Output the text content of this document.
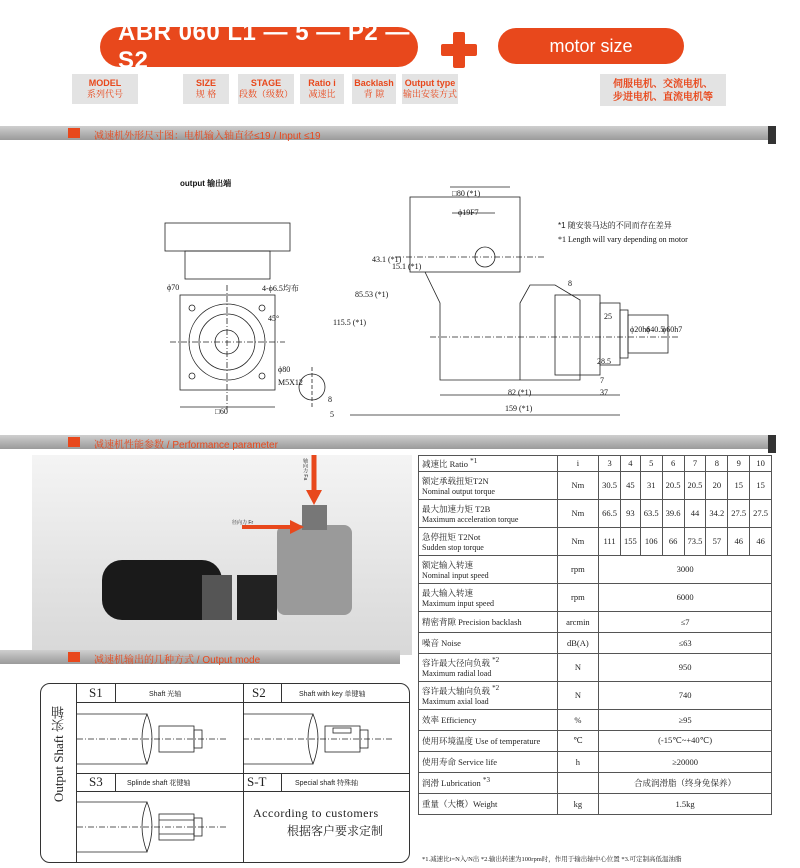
ABR 060 L1 — 5 — P2 — S2
motor size
MODEL
系列代号
SIZE
规 格
STAGE
段数（级数）
Ratio i
减速比
Backlash
背 隙
Output type
输出安装方式
伺服电机、交流电机、
步进电机、直流电机等
减速机外形尺寸图：电机输入轴直径≤19 / Input ≤19
output 输出端
*1 随安装马达的不同而存在差异
*1 Length will vary depending on motor
ϕ70	4-ϕ6.5均布
45°
ϕ80
M5X12
□60
8
5
□80 (*1)
ϕ19F7
43.1 (*1)
15.1 (*1)
85.53 (*1)
115.5 (*1)
8
25
ϕ20h6
ϕ40.5
ϕ60h7
28.5
7
37
82 (*1)
159 (*1)
减速机性能参数 / Performance parameter
轴向力 Fa
径向力 Fr
减速比 Ratio $^{*1}$	i	3	4	5	6	7	8	9	10
额定承载扭矩T2N
Nominal output torque	Nm	30.5	45	31	20.5	20.5	20	15	15
最大加速力矩 T2B
Maximum acceleration torque	Nm	66.5	93	63.5	39.6	44	34.2	27.5	27.5
急停扭矩 T2Not
Sudden stop torque	Nm	111	155	106	66	73.5	57	46	46
额定输入转速
Nominal input speed	rpm	3000							
最大输入转速
Maximum input speed	rpm	6000							
精密背隙 Precision backlash	arcmin	≤7							
噪音 Noise	dB(A)	≤63							
容许最大径向负载 $^{*2}$
Maximum radial load	N	950							
容许最大轴向负载 $^{*2}$
Maximum axial load	N	740							
效率 Efficiency	%	≥95							
使用环境温度 Use of temperature	℃	(-15℃~+40℃)							
使用寿命 Service life	h	≥20000							
润滑 Lubrication $^{*3}$		合成润滑脂（终身免保养）							
重量（大概）Weight	kg	1.5kg							
*1.减速比i=N入/N出 *2.输出转速为100rpm时，作用于输出轴中心位置 *3.可定制高低温油脂
减速机输出的几种方式 / Output mode
Output Shaft 实轴
S1	Shaft 光轴	S2	Shaft with key 单键轴
S3	Splinde shaft 花键轴	S-T	Special shaft 特殊轴
According to customers
根据客户要求定制
